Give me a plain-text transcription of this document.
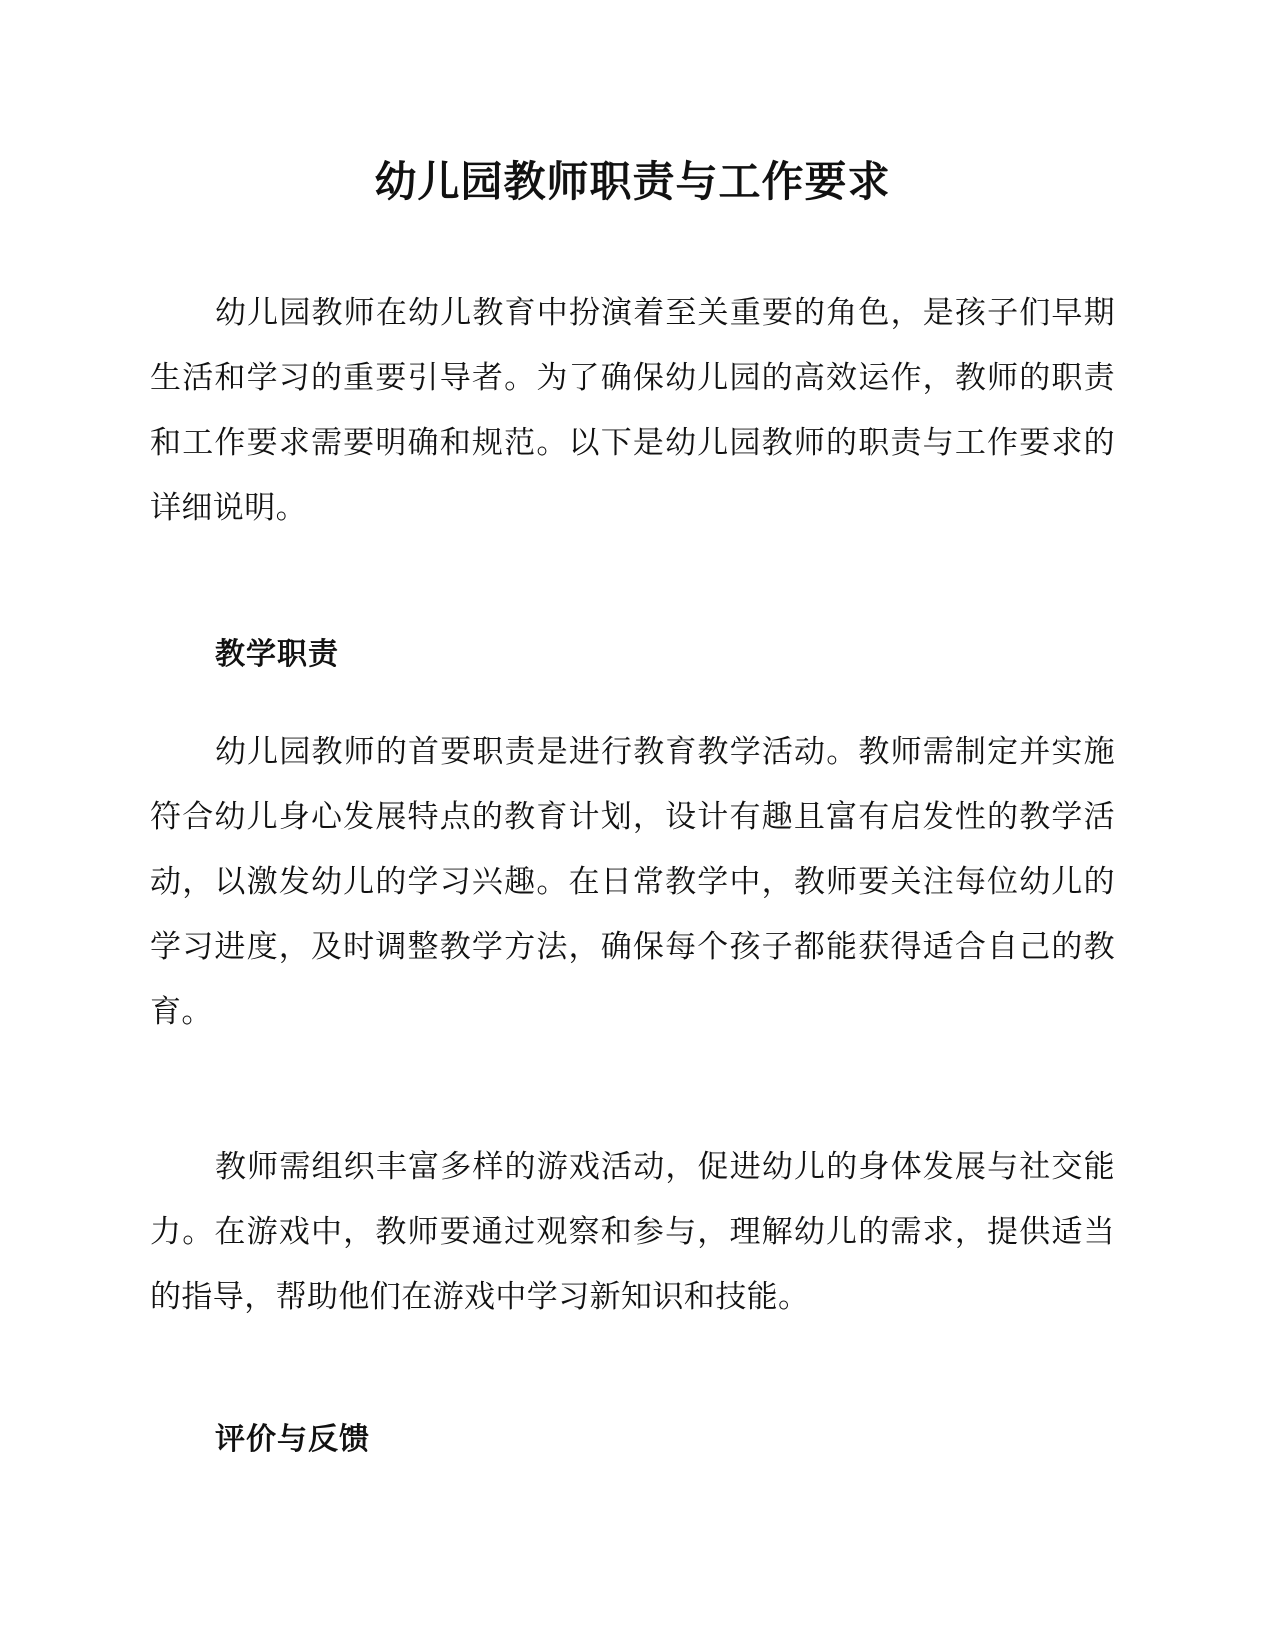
幼儿园教师职责与工作要求

幼儿园教师在幼儿教育中扮演着至关重要的角色，是孩子们早期生活和学习的重要引导者。为了确保幼儿园的高效运作，教师的职责和工作要求需要明确和规范。以下是幼儿园教师的职责与工作要求的详细说明。

教学职责

幼儿园教师的首要职责是进行教育教学活动。教师需制定并实施符合幼儿身心发展特点的教育计划，设计有趣且富有启发性的教学活动，以激发幼儿的学习兴趣。在日常教学中，教师要关注每位幼儿的学习进度，及时调整教学方法，确保每个孩子都能获得适合自己的教育。

教师需组织丰富多样的游戏活动，促进幼儿的身体发展与社交能力。在游戏中，教师要通过观察和参与，理解幼儿的需求，提供适当的指导，帮助他们在游戏中学习新知识和技能。

评价与反馈
